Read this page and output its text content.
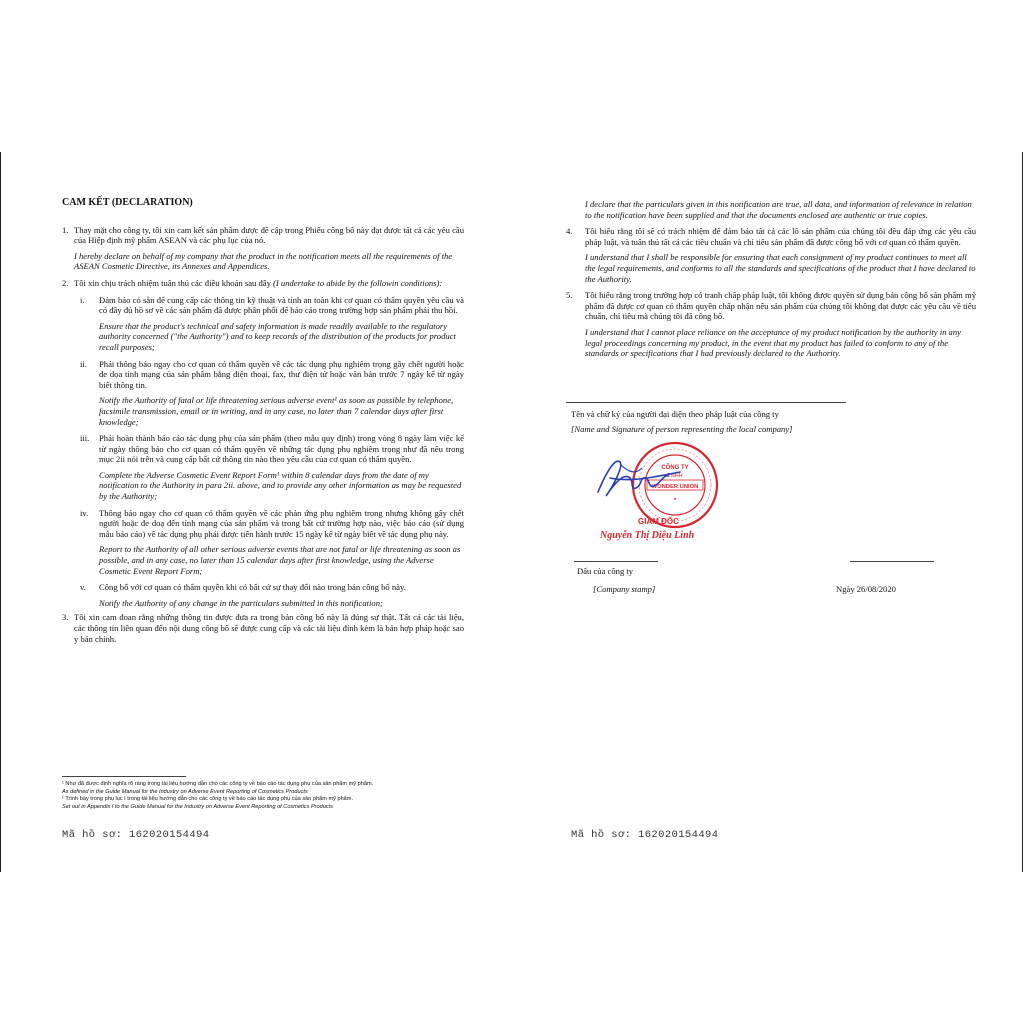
CAM KẾT (DECLARATION)
1. Thay mặt cho công ty, tôi xin cam kết sản phẩm được đề cập trong Phiếu công bố này đạt được tất cả các yêu cầu của Hiệp định mỹ phẩm ASEAN và các phụ lục của nó.
I hereby declare on behalf of my company that the product in the notification meets all the requirements of the ASEAN Cosmetic Directive, its Annexes and Appendices.
2. Tôi xin chịu trách nhiệm tuân thủ các điều khoản sau đây (I undertake to abide by the followin conditions):
i. Đảm bảo có sẵn để cung cấp các thông tin kỹ thuật và tính an toàn khi cơ quan có thẩm quyền yêu cầu và có đầy đủ hồ sơ về các sản phẩm đã được phân phối để báo cáo trong trường hợp sản phẩm phải thu hồi.
Ensure that the product's technical and safety information is made readily available to the regulatory authority concerned ("the Authority") and to keep records of the distribution of the products for product recall purposes;
ii. Phải thông báo ngay cho cơ quan có thẩm quyền về các tác dụng phụ nghiêm trọng gây chết người hoặc đe dọa tính mạng của sản phẩm bằng điện thoại, fax, thư điện tử hoặc văn bản trước 7 ngày kể từ ngày biết thông tin.
Notify the Authority of fatal or life threatening serious adverse event¹ as soon as possible by telephone, facsimile transmission, email or in writing, and in any case, no later than 7 calendar days after first knowledge;
iii. Phải hoàn thành báo cáo tác dụng phụ của sản phẩm (theo mẫu quy định) trong vòng 8 ngày làm việc kể từ ngày thông báo cho cơ quan có thẩm quyền về những tác dụng phụ nghiêm trọng như đã nêu trong mục 2ii nói trên và cung cấp bất cứ thông tin nào theo yêu cầu của cơ quan có thẩm quyền.
Complete the Adverse Cosmetic Event Report Form¹ within 8 calendar days from the date of my notification to the Authority in para 2ii. above, and to provide any other information as may be requested by the Authority;
iv. Thông báo ngay cho cơ quan có thẩm quyền về các phản ứng phụ nghiêm trọng nhưng không gây chết người hoặc đe doạ đến tính mạng của sản phẩm và trong bất cứ trường hợp nào, việc báo cáo (sử dụng mẫu báo cáo) về tác dụng phụ phải được tiến hành trước 15 ngày kể từ ngày biết về tác dụng phụ này.
Report to the Authority of all other serious adverse events that are not fatal or life threatening as soon as possible, and in any case, no later than 15 calendar days after first knowledge, using the Adverse Cosmetic Event Report Form;
v. Công bố với cơ quan có thẩm quyền khi có bất cứ sự thay đổi nào trong bản công bố này.
Notify the Authority of any change in the particulars submitted in this notification;
3. Tôi xin cam đoan rằng những thông tin được đưa ra trong bản công bố này là đúng sự thật. Tất cả các tài liệu, các thông tin liên quan đến nội dung công bố sẽ được cung cấp và các tài liệu đính kèm là bản hợp pháp hoặc sao y bản chính.
¹ Như đã được định nghĩa rõ ràng trong tài liệu hướng dẫn cho các công ty về báo cáo tác dụng phụ của sản phẩm mỹ phẩm.
As defined in the Guide Manual for the Industry on Adverse Event Reporting of Cosmetics Products
¹ Trình bày trong phụ lục I trong tài liệu hướng dẫn cho các công ty về báo cáo tác dụng phụ của sản phẩm mỹ phẩm.
Set out in Appendix I to the Guide Manual for the Industry on Adverse Event Reporting of Cosmetics Products
Mã hồ sơ: 162020154494	Mã hồ sơ: 162020154494
I declare that the particulars given in this notification are true, all data, and information of relevance in relation to the notification have been supplied and that the documents enclosed are authentic or true copies.
4.	Tôi hiểu rằng tôi sẽ có trách nhiệm để đảm bảo tất cả các lô sản phẩm của chúng tôi đều đáp ứng các yêu cầu pháp luật, và tuân thủ tất cả các tiêu chuẩn và chỉ tiêu sản phẩm đã được công bố với cơ quan có thẩm quyền.
I understand that I shall be responsible for ensuring that each consignment of my product continues to meet all the legal requirements, and conforms to all the standards and specifications of the product that I have declared to the Authority.
5.	Tôi hiểu rằng trong trường hợp có tranh chấp pháp luật, tôi không được quyền sử dụng bản công bố sản phẩm mỹ phẩm đã được cơ quan có thẩm quyền chấp nhận nếu sản phẩm của chúng tôi không đạt được các yêu cầu về tiêu chuẩn, chỉ tiêu mà chúng tôi đã công bố.
I understand that I cannot place reliance on the acceptance of my product notification by the authority in any legal proceedings concerning my product, in the event that my product has failed to conform to any of the standards or specifications that I had previously declared to the Authority.
Tên và chữ ký của người đại diện theo pháp luật của công ty
[Name and Signature of person representing the local company]
CÔNG TY
TNHH
WONDER UNION
★
GIÁM ĐỐC
Nguyễn Thị Diệu Linh
Dấu của công ty
[Company stamp]	Ngày 26/08/2020
